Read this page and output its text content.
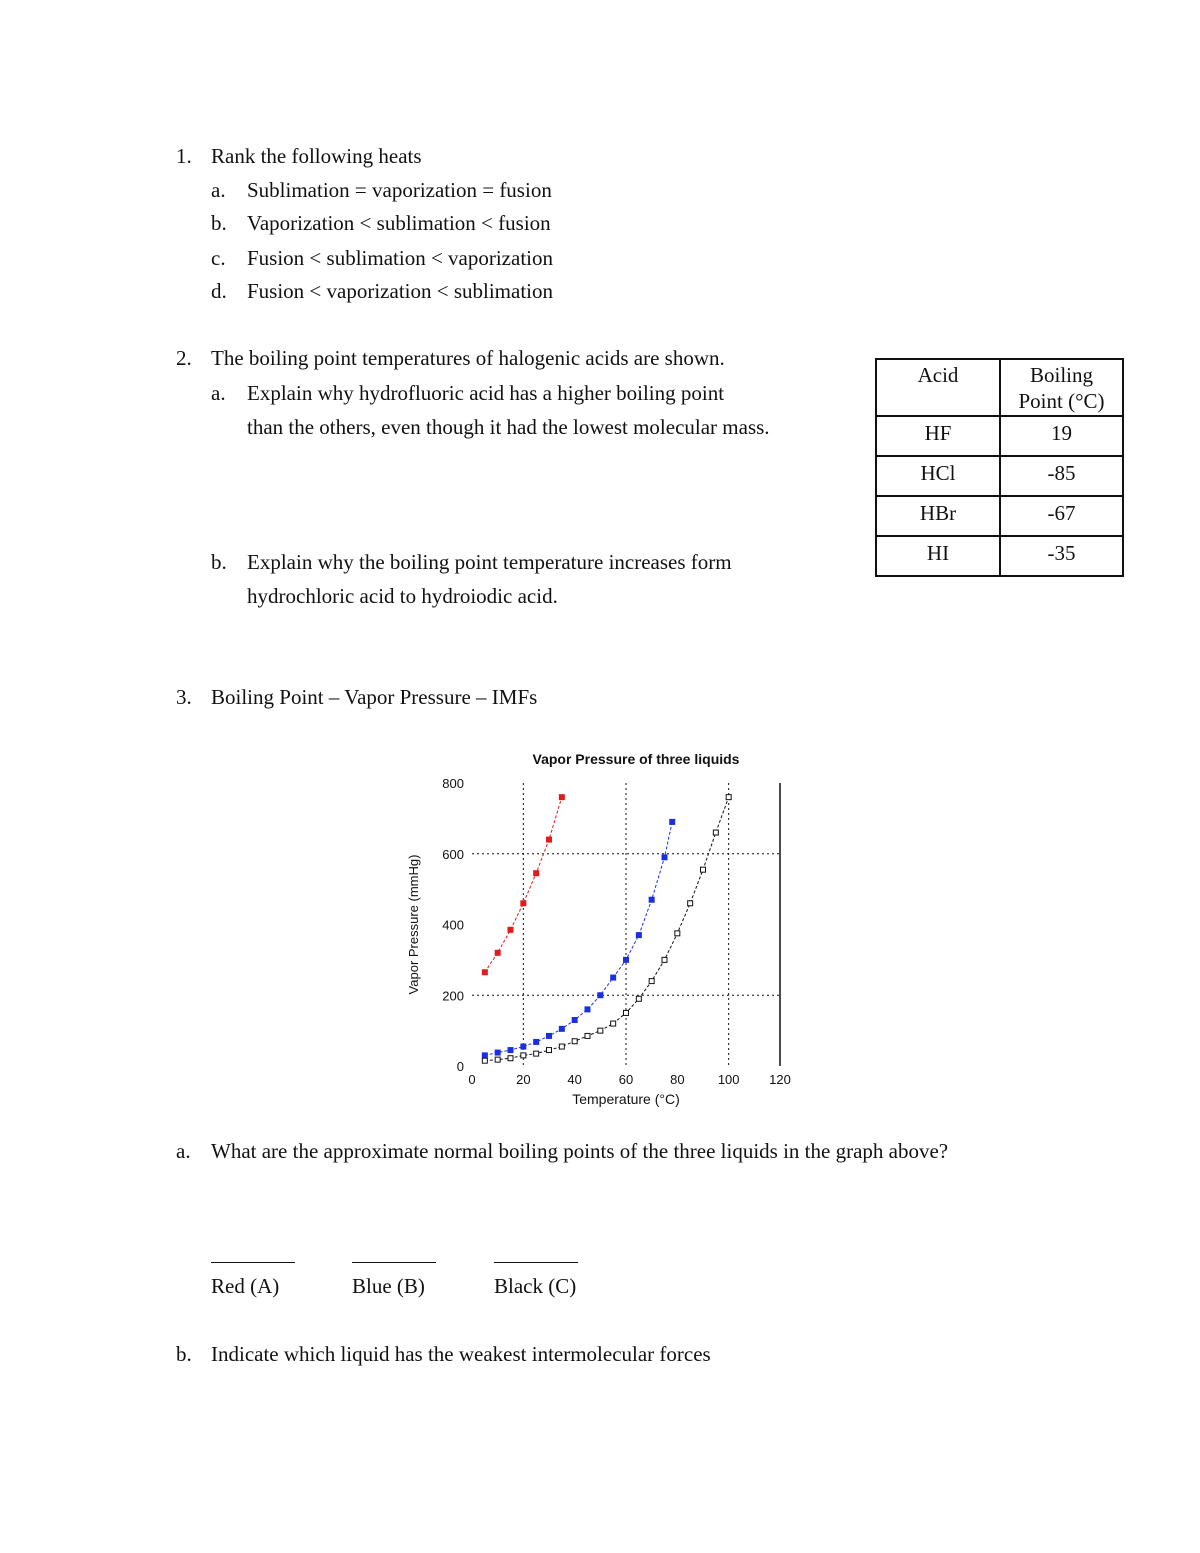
1. Rank the following heats
a. Sublimation = vaporization = fusion
b. Vaporization < sublimation < fusion
c. Fusion < sublimation < vaporization
d. Fusion < vaporization < sublimation
2. The boiling point temperatures of halogenic acids are shown.
a. Explain why hydrofluoric acid has a higher boiling point
than the others, even though it had the lowest molecular mass.
b. Explain why the boiling point temperature increases form
hydrochloric acid to hydroiodic acid.
Acid	Boiling
Point (°C)

HF	19
HCl	-85
HBr	-67
HI	-35
3. Boiling Point – Vapor Pressure – IMFs
Vapor Pressure of three liquids
0	20	40	60	80	100 120
0
200
400
600
800
Temperature (°C)
Vapor Pressure (mmHg)
a. What are the approximate normal boiling points of the three liquids in the graph above?
Red (A)	Blue (B)	Black (C)
b. Indicate which liquid has the weakest intermolecular forces
